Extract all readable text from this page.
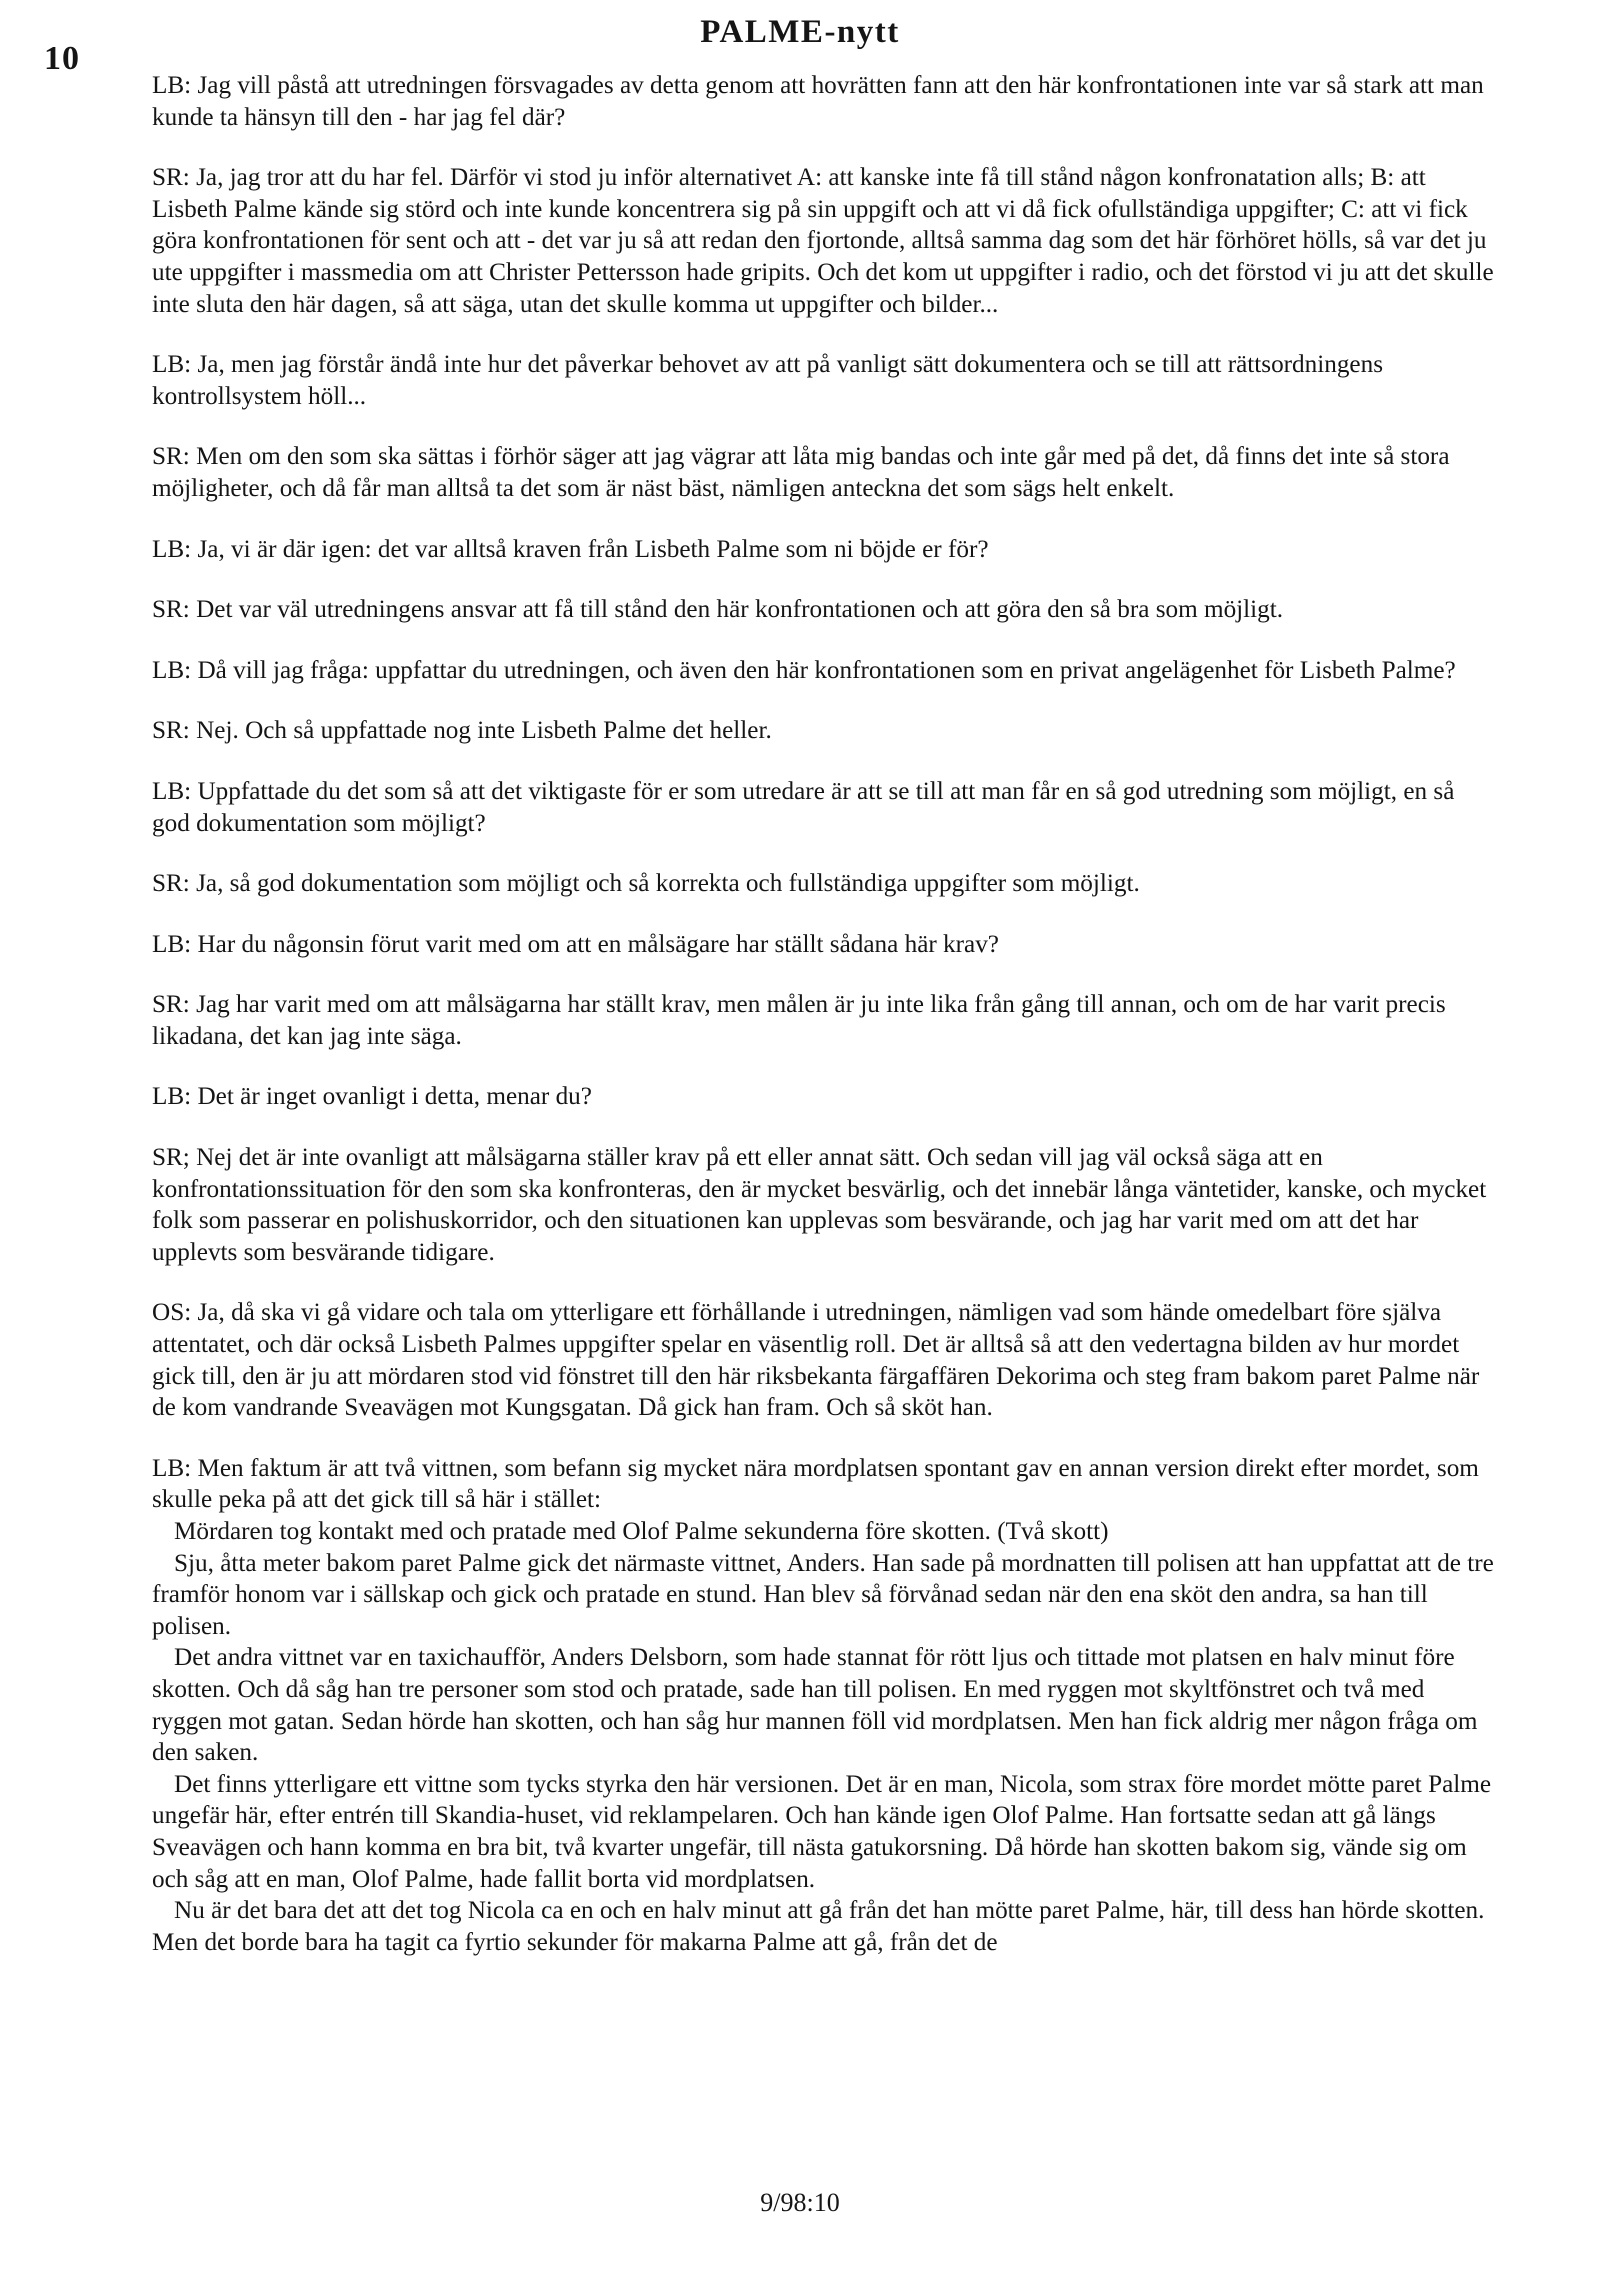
10
PALME-nytt

LB: Jag vill påstå att utredningen försvagades av detta genom att hovrätten fann att den här konfrontationen inte var så stark att man kunde ta hänsyn till den - har jag fel där?

SR: Ja, jag tror att du har fel. Därför vi stod ju inför alternativet A: att kanske inte få till stånd någon konfronatation alls; B: att Lisbeth Palme kände sig störd och inte kunde koncentrera sig på sin uppgift och att vi då fick ofullständiga uppgifter; C: att vi fick göra konfrontationen för sent och att - det var ju så att redan den fjortonde, alltså samma dag som det här förhöret hölls, så var det ju ute uppgifter i massmedia om att Christer Pettersson hade gripits. Och det kom ut uppgifter i radio, och det förstod vi ju att det skulle inte sluta den här dagen, så att säga, utan det skulle komma ut uppgifter och bilder...

LB: Ja, men jag förstår ändå inte hur det påverkar behovet av att på vanligt sätt dokumentera och se till att rättsordningens kontrollsystem höll...

SR: Men om den som ska sättas i förhör säger att jag vägrar att låta mig bandas och inte går med på det, då finns det inte så stora möjligheter, och då får man alltså ta det som är näst bäst, nämligen anteckna det som sägs helt enkelt.

LB: Ja, vi är där igen: det var alltså kraven från Lisbeth Palme som ni böjde er för?

SR: Det var väl utredningens ansvar att få till stånd den här konfrontationen och att göra den så bra som möjligt.

LB: Då vill jag fråga: uppfattar du utredningen, och även den här konfrontationen som en privat angelägenhet för Lisbeth Palme?

SR: Nej. Och så uppfattade nog inte Lisbeth Palme det heller.

LB: Uppfattade du det som så att det viktigaste för er som utredare är att se till att man får en så god utredning som möjligt, en så god dokumentation som möjligt?

SR: Ja, så god dokumentation som möjligt och så korrekta och fullständiga uppgifter som möjligt.

LB: Har du någonsin förut varit med om att en målsägare har ställt sådana här krav?

SR: Jag har varit med om att målsägarna har ställt krav, men målen är ju inte lika från gång till annan, och om de har varit precis likadana, det kan jag inte säga.

LB: Det är inget ovanligt i detta, menar du?

SR; Nej det är inte ovanligt att målsägarna ställer krav på ett eller annat sätt. Och sedan vill jag väl också säga att en konfrontationssituation för den som ska konfronteras, den är mycket besvärlig, och det innebär långa väntetider, kanske, och mycket folk som passerar en polishuskorridor, och den situationen kan upplevas som besvärande, och jag har varit med om att det har upplevts som besvärande tidigare.

OS: Ja, då ska vi gå vidare och tala om ytterligare ett förhållande i utredningen, nämligen vad som hände omedelbart före själva attentatet, och där också Lisbeth Palmes uppgifter spelar en väsentlig roll. Det är alltså så att den vedertagna bilden av hur mordet gick till, den är ju att mördaren stod vid fönstret till den här riksbekanta färgaffären Dekorima och steg fram bakom paret Palme när de kom vandrande Sveavägen mot Kungsgatan. Då gick han fram. Och så sköt han.

LB: Men faktum är att två vittnen, som befann sig mycket nära mordplatsen spontant gav en annan version direkt efter mordet, som skulle peka på att det gick till så här i stället:

Mördaren tog kontakt med och pratade med Olof Palme sekunderna före skotten. (Två skott)

Sju, åtta meter bakom paret Palme gick det närmaste vittnet, Anders. Han sade på mordnatten till polisen att han uppfattat att de tre framför honom var i sällskap och gick och pratade en stund. Han blev så förvånad sedan när den ena sköt den andra, sa han till polisen.

Det andra vittnet var en taxichaufför, Anders Delsborn, som hade stannat för rött ljus och tittade mot platsen en halv minut före skotten. Och då såg han tre personer som stod och pratade, sade han till polisen. En med ryggen mot skyltfönstret och två med ryggen mot gatan. Sedan hörde han skotten, och han såg hur mannen föll vid mordplatsen. Men han fick aldrig mer någon fråga om den saken.

Det finns ytterligare ett vittne som tycks styrka den här versionen. Det är en man, Nicola, som strax före mordet mötte paret Palme ungefär här, efter entrén till Skandia-huset, vid reklampelaren. Och han kände igen Olof Palme. Han fortsatte sedan att gå längs Sveavägen och hann komma en bra bit, två kvarter ungefär, till nästa gatukorsning. Då hörde han skotten bakom sig, vände sig om och såg att en man, Olof Palme, hade fallit borta vid mordplatsen.

Nu är det bara det att det tog Nicola ca en och en halv minut att gå från det han mötte paret Palme, här, till dess han hörde skotten. Men det borde bara ha tagit ca fyrtio sekunder för makarna Palme att gå, från det de

9/98:10
